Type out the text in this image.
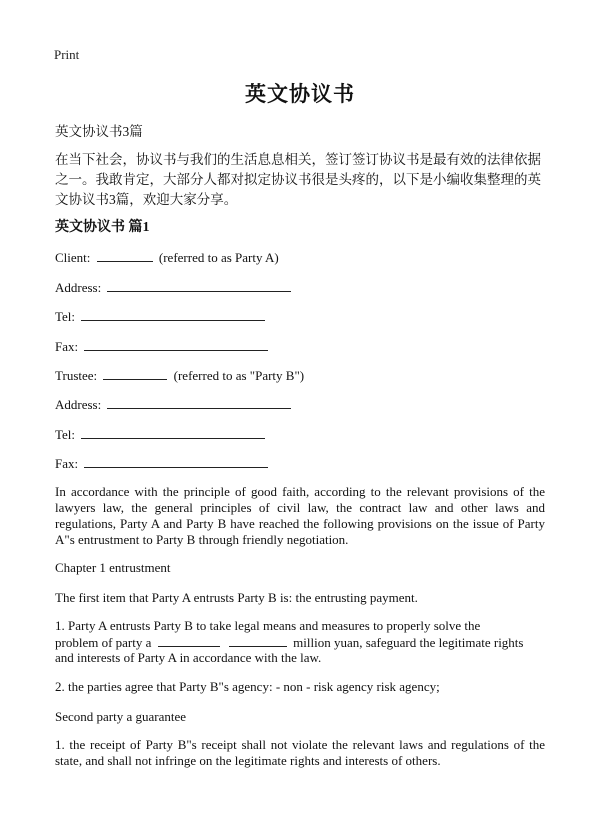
Print
英文协议书
英文协议书3篇
在当下社会，协议书与我们的生活息息相关，签订签订协议书是最有效的法律依据之一。我敢肯定，大部分人都对拟定协议书很是头疼的，以下是小编收集整理的英文协议书3篇，欢迎大家分享。
英文协议书 篇1
Client:	(referred to as Party A)
Address:
Tel:
Fax:
Trustee:	(referred to as "Party B")
Address:
Tel:
Fax:
In accordance with the principle of good faith, according to the relevant provisions of the lawyers law, the general principles of civil law, the contract law and other laws and regulations, Party A and Party B have reached the following provisions on the issue of Party A"s entrustment to Party B through friendly negotiation.
Chapter 1 entrustment
The first item that Party A entrusts Party B is: the entrusting payment.
1. Party A entrusts Party B to take legal means and measures to properly solve the
problem of party a	million yuan, safeguard the legitimate rights
and interests of Party A in accordance with the law.
2. the parties agree that Party B"s agency: - non - risk agency risk agency;
Second party a guarantee
1. the receipt of Party B"s receipt shall not violate the relevant laws and regulations of the state, and shall not infringe on the legitimate rights and interests of others.
